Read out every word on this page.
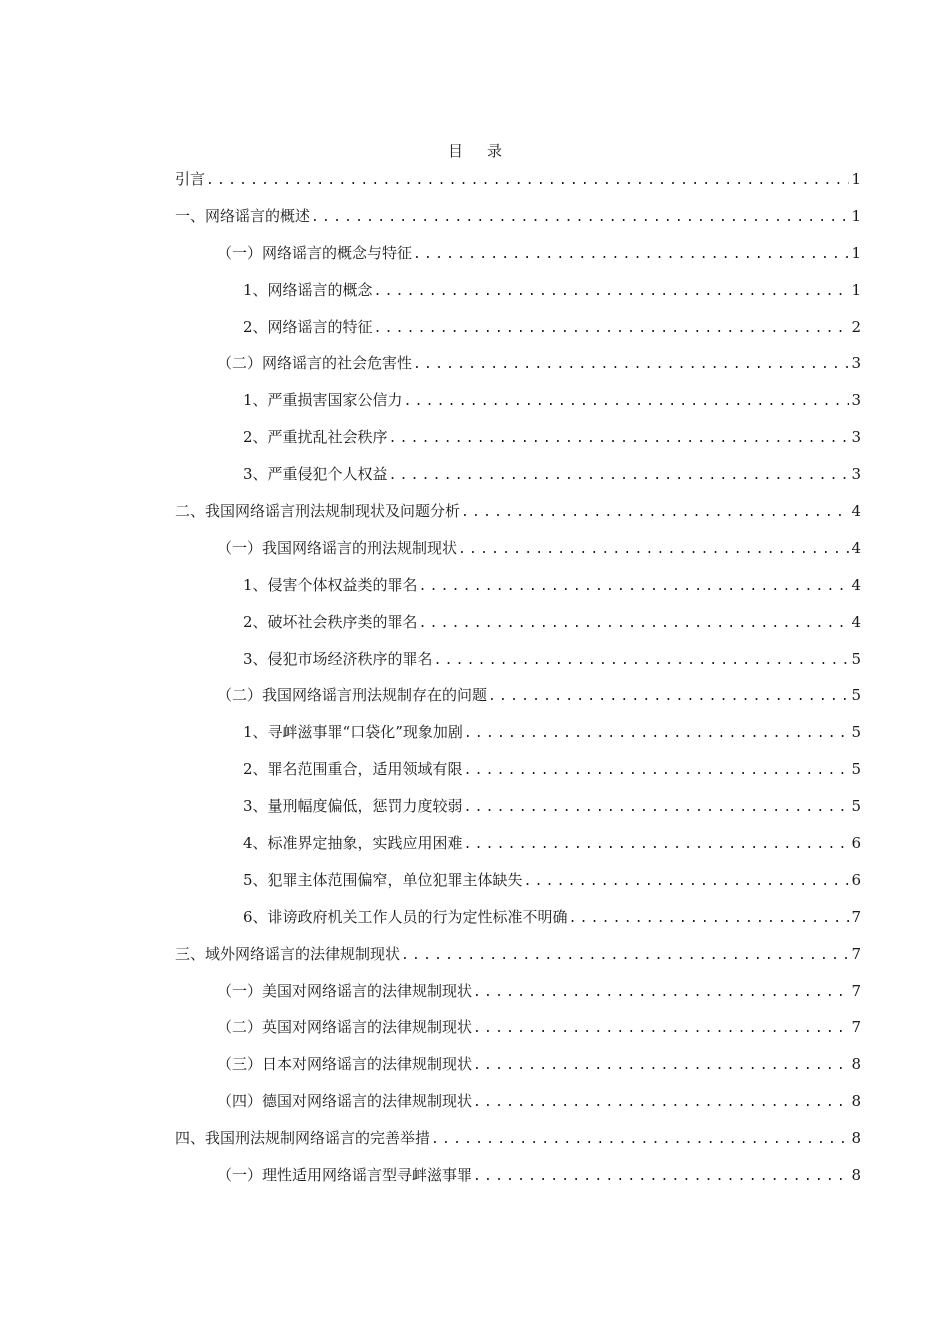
目录
引言 .....	1
一、 网络谣言的概述 .....	1
（一） 网络谣言的概念与特征 .....	1
1、 网络谣言的概念 .....	1
2、 网络谣言的特征 .....	2
（二） 网络谣言的社会危害性 .....	3
1、 严重损害国家公信力 .....	3
2、 严重扰乱社会秩序 .....	3
3、 严重侵犯个人权益 .....	3
二、 我国网络谣言刑法规制现状及问题分析 .....	4
（一） 我国网络谣言的刑法规制现状 .....	4
1、 侵害个体权益类的罪名 .....	4
2、 破坏社会秩序类的罪名 .....	4
3、 侵犯市场经济秩序的罪名 .....	5
（二） 我国网络谣言刑法规制存在的问题 .....	5
1、 寻衅滋事罪“口袋化”现象加剧 .....	5
2、 罪名范围重合，适用领域有限 .....	5
3、 量刑幅度偏低，惩罚力度较弱 .....	5
4、 标准界定抽象，实践应用困难 .....	6
5、 犯罪主体范围偏窄，单位犯罪主体缺失 .....	6
6、 诽谤政府机关工作人员的行为定性标准不明确 .....	7
三、 域外网络谣言的法律规制现状 .....	7
（一） 美国对网络谣言的法律规制现状 .....	7
（二） 英国对网络谣言的法律规制现状 .....	7
（三） 日本对网络谣言的法律规制现状 .....	8
（四） 德国对网络谣言的法律规制现状 .....	8
四、 我国刑法规制网络谣言的完善举措 .....	8
（一） 理性适用网络谣言型寻衅滋事罪 .....	8
